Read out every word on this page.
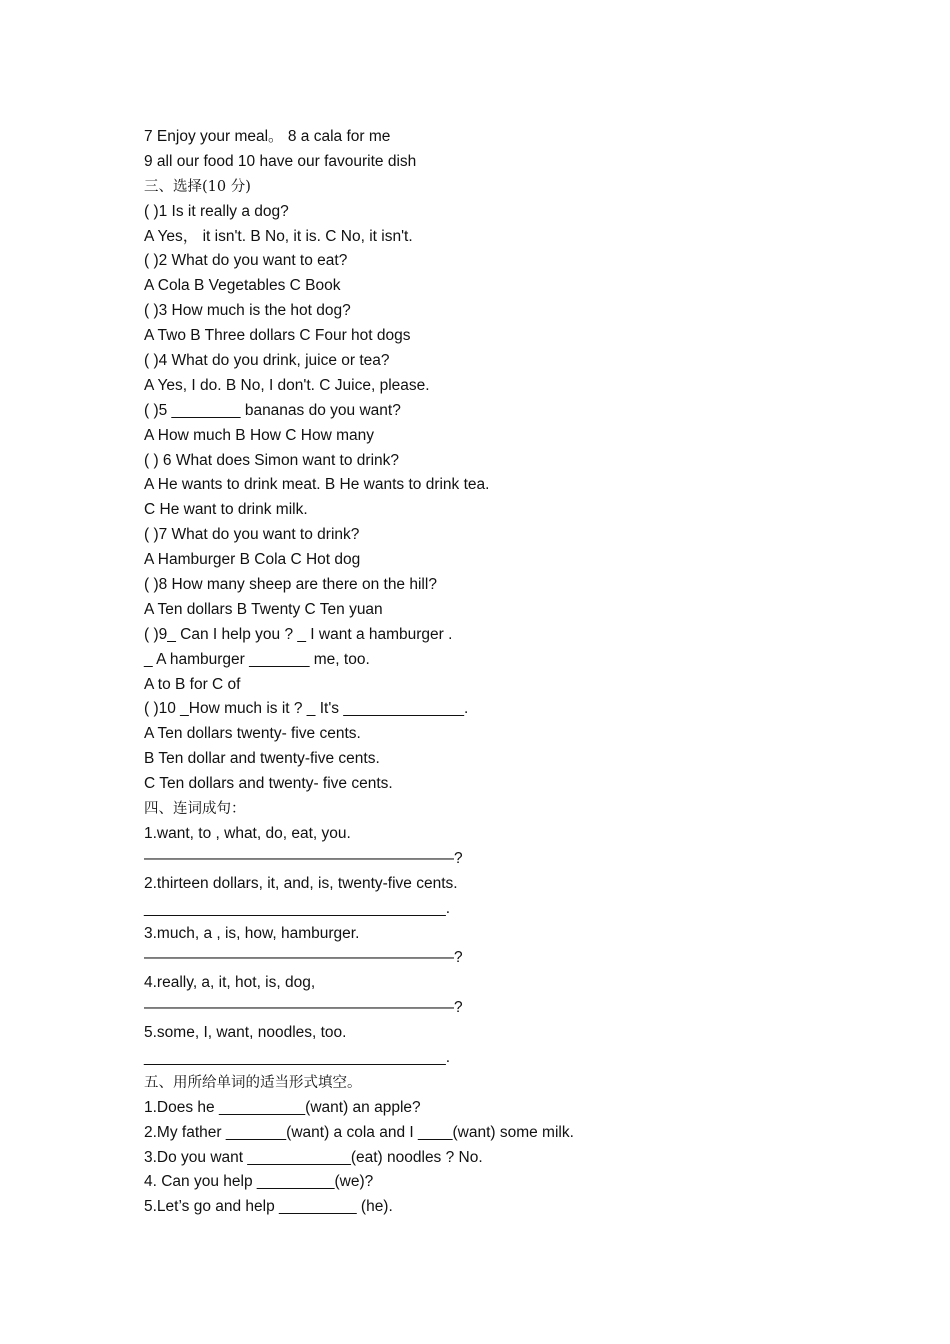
7 Enjoy your meal。 8 a cala for me
9 all our food 10 have our favourite dish
三、选择(10 分)
( )1 Is it really a dog?
A Yes， it isn't. B No, it is. C No, it isn't.
( )2 What do you want to eat?
A Cola B Vegetables C Book
( )3 How much is the hot dog?
A Two B Three dollars C Four hot dogs
( )4 What do you drink, juice or tea?
A Yes, I do. B No, I don't. C Juice, please.
( )5 ________ bananas do you want?
A How much B How C How many
( ) 6 What does Simon want to drink?
A He wants to drink meat. B He wants to drink tea.
C He want to drink milk.
( )7 What do you want to drink?
A Hamburger B Cola C Hot dog
( )8 How many sheep are there on the hill?
A Ten dollars B Twenty C Ten yuan
( )9_ Can I help you ? _ I want a hamburger .
_ A hamburger _______ me, too.
A to B for C of
( )10 _How much is it ? _ It's ______________.
A Ten dollars twenty- five cents.
B Ten dollar and twenty-five cents.
C Ten dollars and twenty- five cents.
四、连词成句：
1.want, to , what, do, eat, you.
————————————————————?
2.thirteen dollars, it, and, is, twenty-five cents.
___________________________________.
3.much, a , is, how, hamburger.
————————————————————?
4.really, a, it, hot, is, dog,
————————————————————?
5.some, I, want, noodles, too.
___________________________________.
五、用所给单词的适当形式填空。
1.Does he __________(want) an apple?
2.My father _______(want) a cola and I ____(want) some milk.
3.Do you want ____________(eat) noodles ? No.
4. Can you help _________(we)?
5.Let’s go and help _________ (he).
